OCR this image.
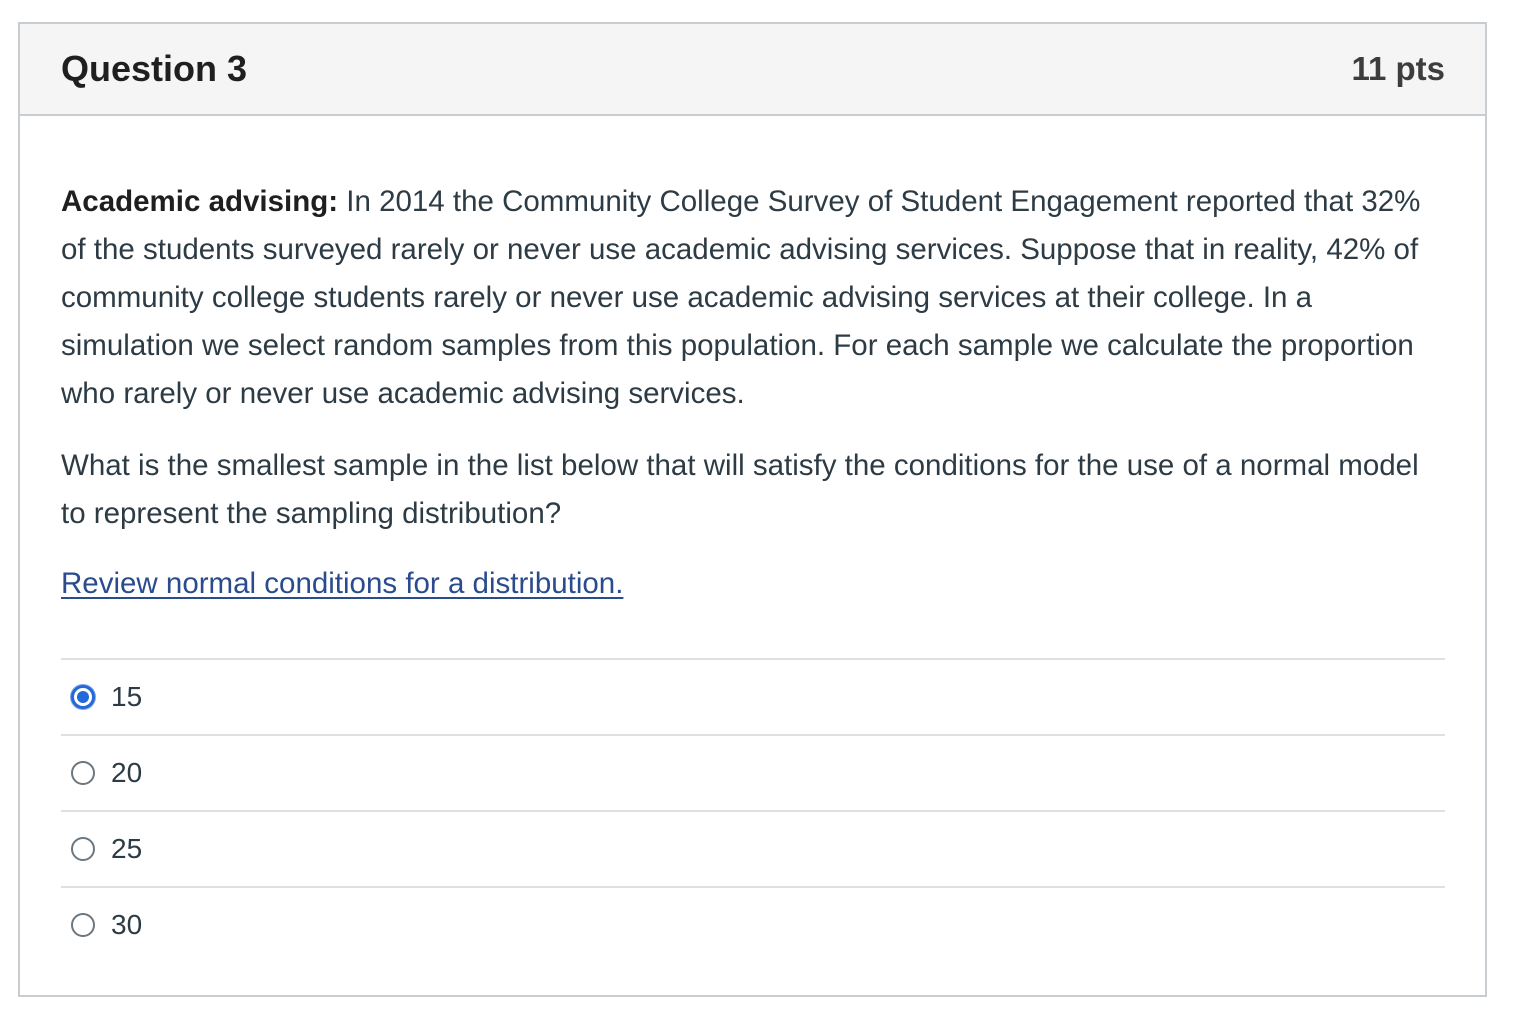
Question 3	11 pts

Academic advising: In 2014 the Community College Survey of Student Engagement reported that 32% of the students surveyed rarely or never use academic advising services. Suppose that in reality, 42% of community college students rarely or never use academic advising services at their college. In a simulation we select random samples from this population. For each sample we calculate the proportion who rarely or never use academic advising services.

What is the smallest sample in the list below that will satisfy the conditions for the use of a normal model to represent the sampling distribution?

Review normal conditions for a distribution.
15
20
25
30
